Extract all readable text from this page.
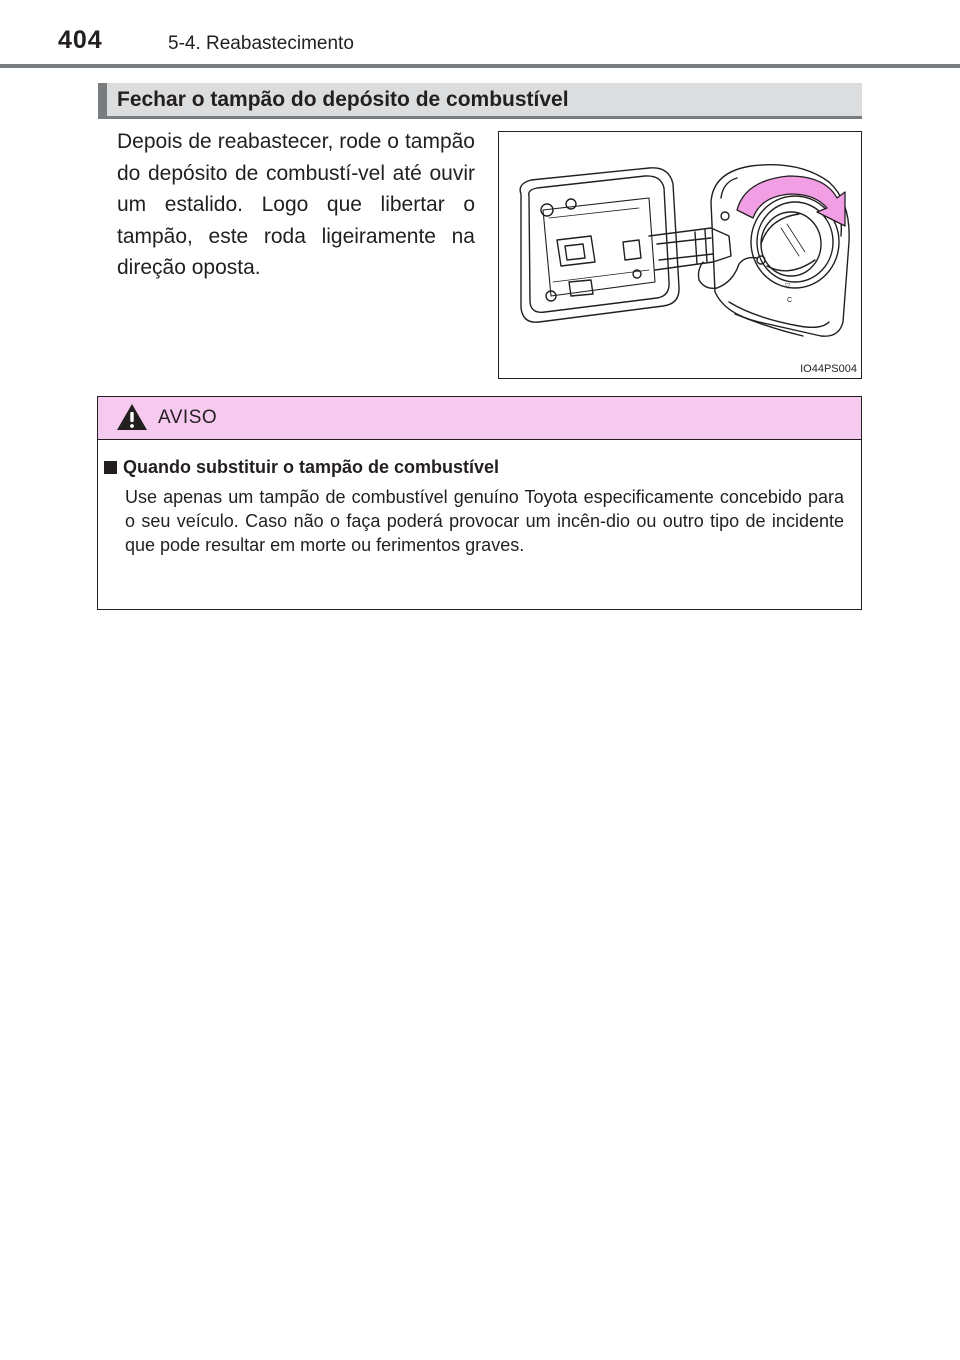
404	5-4. Reabastecimento
Fechar o tampão do depósito de combustível
Depois de reabastecer, rode o tampão do depósito de combustí-vel até ouvir um estalido. Logo que libertar o tampão, este roda ligeiramente na direção oposta.
▽
C
IO44PS004
AVISO
Quando substituir o tampão de combustível
Use apenas um tampão de combustível genuíno Toyota especificamente concebido para o seu veículo. Caso não o faça poderá provocar um incên-dio ou outro tipo de incidente que pode resultar em morte ou ferimentos graves.
